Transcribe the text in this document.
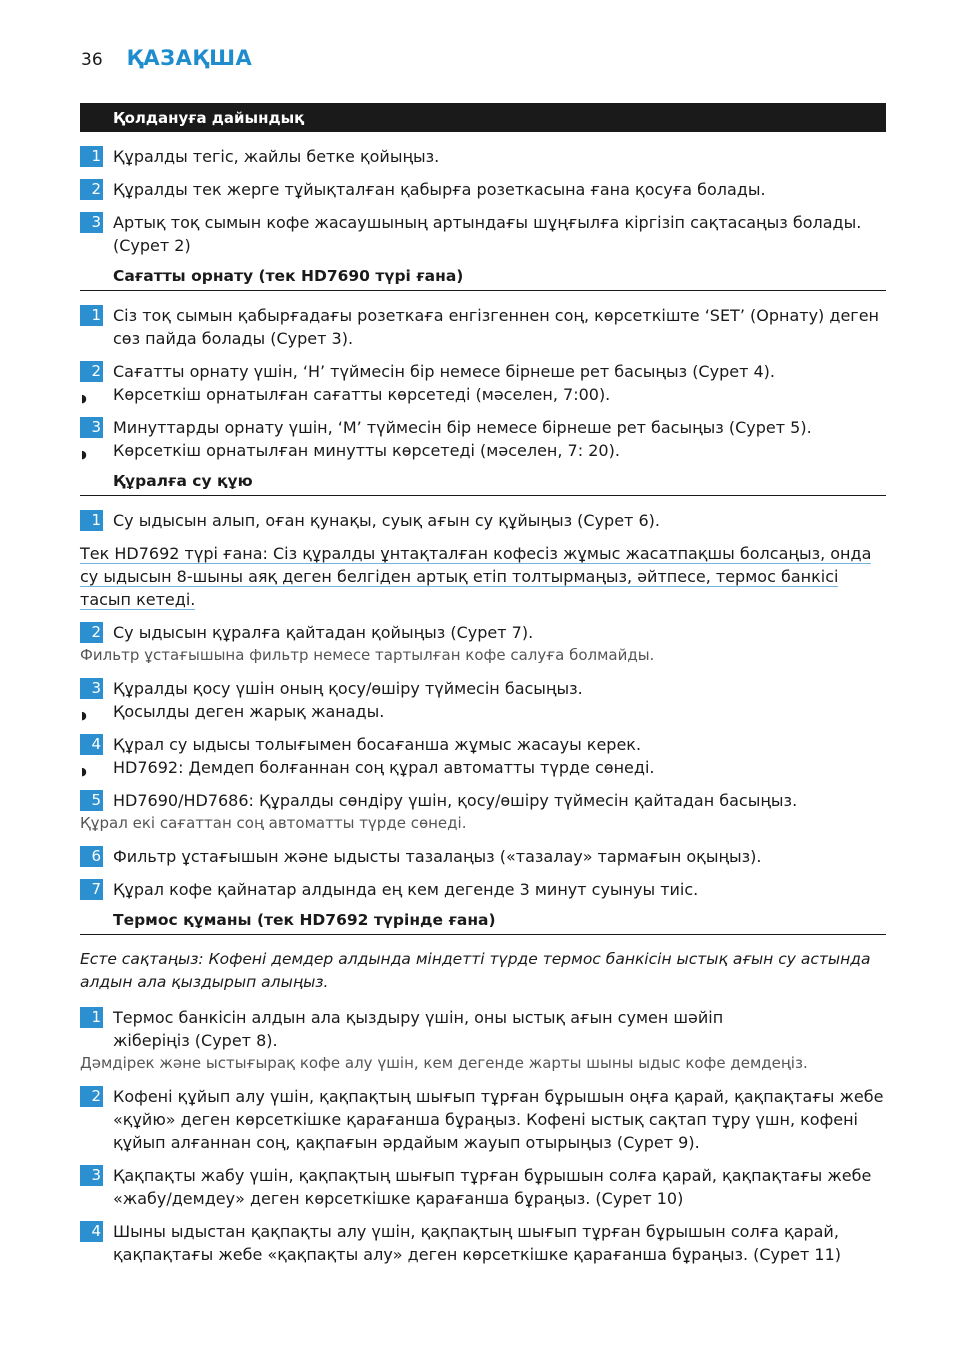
36 ҚАЗАҚША
Қолдануға дайындық
1 Құралды тегіс, жайлы бетке қойыңыз.
2 Құралды тек жерге тұйықталған қабырға розеткасына ғана қосуға болады.
3 Артық тоқ сымын кофе жасаушының артындағы шұңғылға кіргізіп сақтасаңыз болады. (Сурет 2)
Сағатты орнату (тек HD7690 түрі ғана)
1 Сіз тоқ сымын қабырғадағы розеткаға енгізгеннен соң, көрсеткіште ‘SET’ (Орнату) деген сөз пайда болады (Сурет 3).
2 Сағатты орнату үшін, ‘H’ түймесін бір немесе бірнеше рет басыңыз (Сурет 4).
◗ Көрсеткіш орнатылған сағатты көрсетеді (мәселен, 7:00).
3 Минуттарды орнату үшін, ‘M’ түймесін бір немесе бірнеше рет басыңыз (Сурет 5).
◗ Көрсеткіш орнатылған минутты көрсетеді (мәселен, 7: 20).
Құралға су құю
1 Су ыдысын алып, оған қунақы, суық ағын су құйыңыз (Сурет 6).
Тек HD7692 түрі ғана: Сіз құралды ұнтақталған кофесіз жұмыс жасатпақшы болсаңыз, онда
су ыдысын 8-шыны аяқ деген белгіден артық етіп толтырмаңыз, әйтпесе, термос банкісі
тасып кетеді.
2 Су ыдысын құралға қайтадан қойыңыз (Сурет 7).
Фильтр ұстағышына фильтр немесе тартылған кофе салуға болмайды.
3 Құралды қосу үшін оның қосу/өшіру түймесін басыңыз.
◗ Қосылды деген жарық жанады.
4 Құрал су ыдысы толығымен босағанша жұмыс жасауы керек.
◗ HD7692: Демдеп болғаннан соң құрал автоматты түрде сөнеді.
5 HD7690/HD7686: Құралды сөндіру үшін, қосу/өшіру түймесін қайтадан басыңыз.
Құрал екі сағаттан соң автоматты түрде сөнеді.
6 Фильтр ұстағышын және ыдысты тазалаңыз («тазалау» тармағын оқыңыз).
7 Құрал кофе қайнатар алдында ең кем дегенде 3 минут суынуы тиіс.
Термос құманы (тек HD7692 түрінде ғана)
Есте сақтаңыз: Кофені демдер алдында міндетті түрде термос банкісін ыстық ағын су астында алдын ала қыздырып алыңыз.
1 Термос банкісін алдын ала қыздыру үшін, оны ыстық ағын сумен шәйіп жіберіңіз (Сурет 8).
Дәмдірек және ыстығырақ кофе алу үшін, кем дегенде жарты шыны ыдыс кофе демдеңіз.
2 Кофені құйып алу үшін, қақпақтың шығып тұрған бұрышын оңға қарай, қақпақтағы жебе «құйю» деген көрсеткішке қарағанша бұраңыз. Кофені ыстық сақтап тұру үшн, кофені құйып алғаннан соң, қақпағын әрдайым жауып отырыңыз (Сурет 9).
3 Қақпақты жабу үшін, қақпақтың шығып тұрған бұрышын солға қарай, қақпақтағы жебе «жабу/демдеу» деген көрсеткішке қарағанша бұраңыз. (Сурет 10)
4 Шыны ыдыстан қақпақты алу үшін, қақпақтың шығып тұрған бұрышын солға қарай, қақпақтағы жебе «қақпақты алу» деген көрсеткішке қарағанша бұраңыз. (Сурет 11)
